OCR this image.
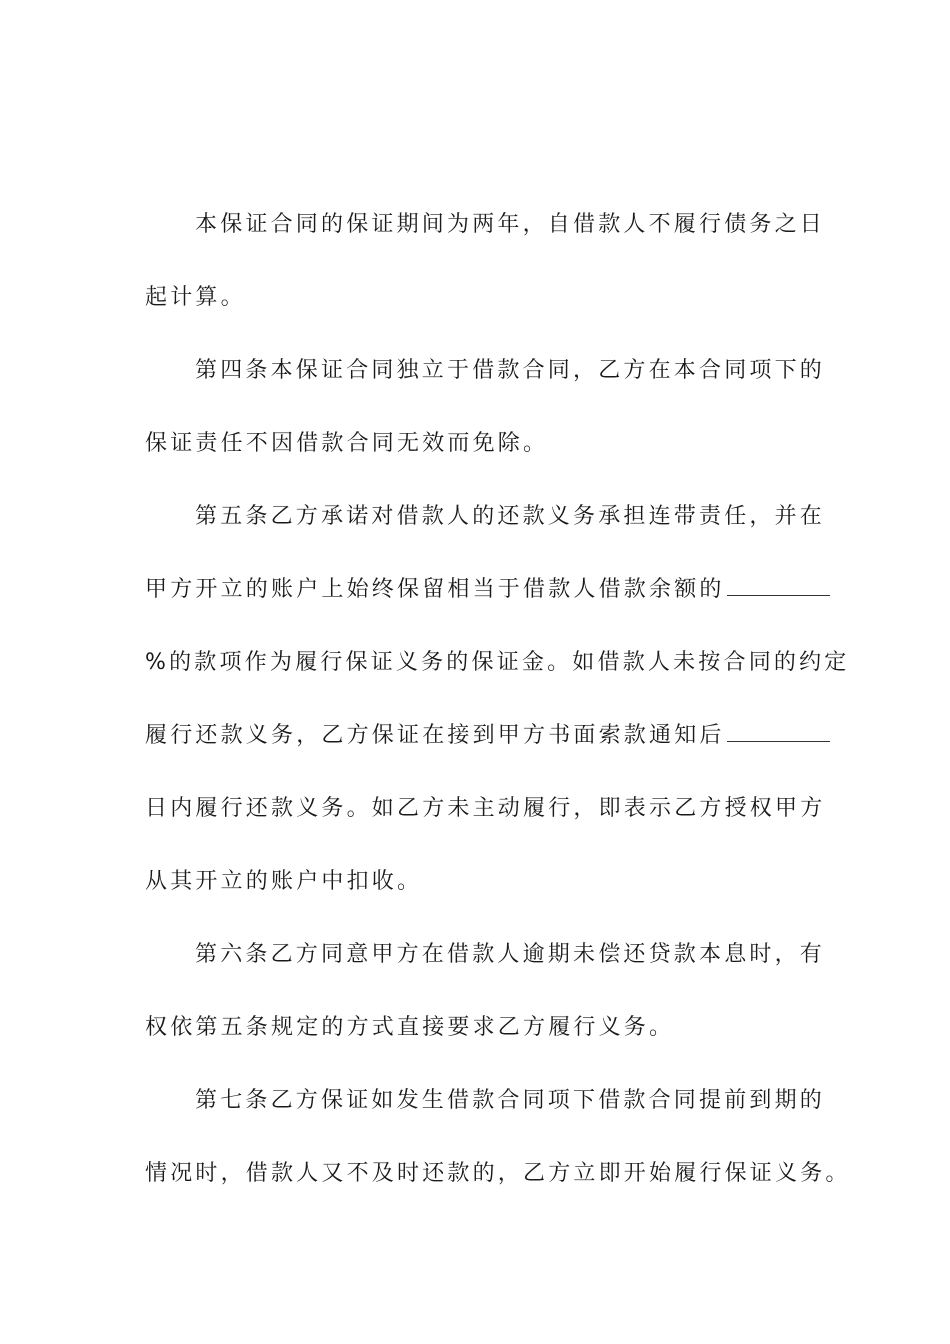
本保证合同的保证期间为两年，自借款人不履行债务之日
起计算。
第四条本保证合同独立于借款合同，乙方在本合同项下的
保证责任不因借款合同无效而免除。
第五条乙方承诺对借款人的还款义务承担连带责任，并在
甲方开立的账户上始终保留相当于借款人借款余额的
%的款项作为履行保证义务的保证金。如借款人未按合同的约定
履行还款义务，乙方保证在接到甲方书面索款通知后
日内履行还款义务。如乙方未主动履行，即表示乙方授权甲方
从其开立的账户中扣收。
第六条乙方同意甲方在借款人逾期未偿还贷款本息时，有
权依第五条规定的方式直接要求乙方履行义务。
第七条乙方保证如发生借款合同项下借款合同提前到期的
情况时，借款人又不及时还款的，乙方立即开始履行保证义务。
